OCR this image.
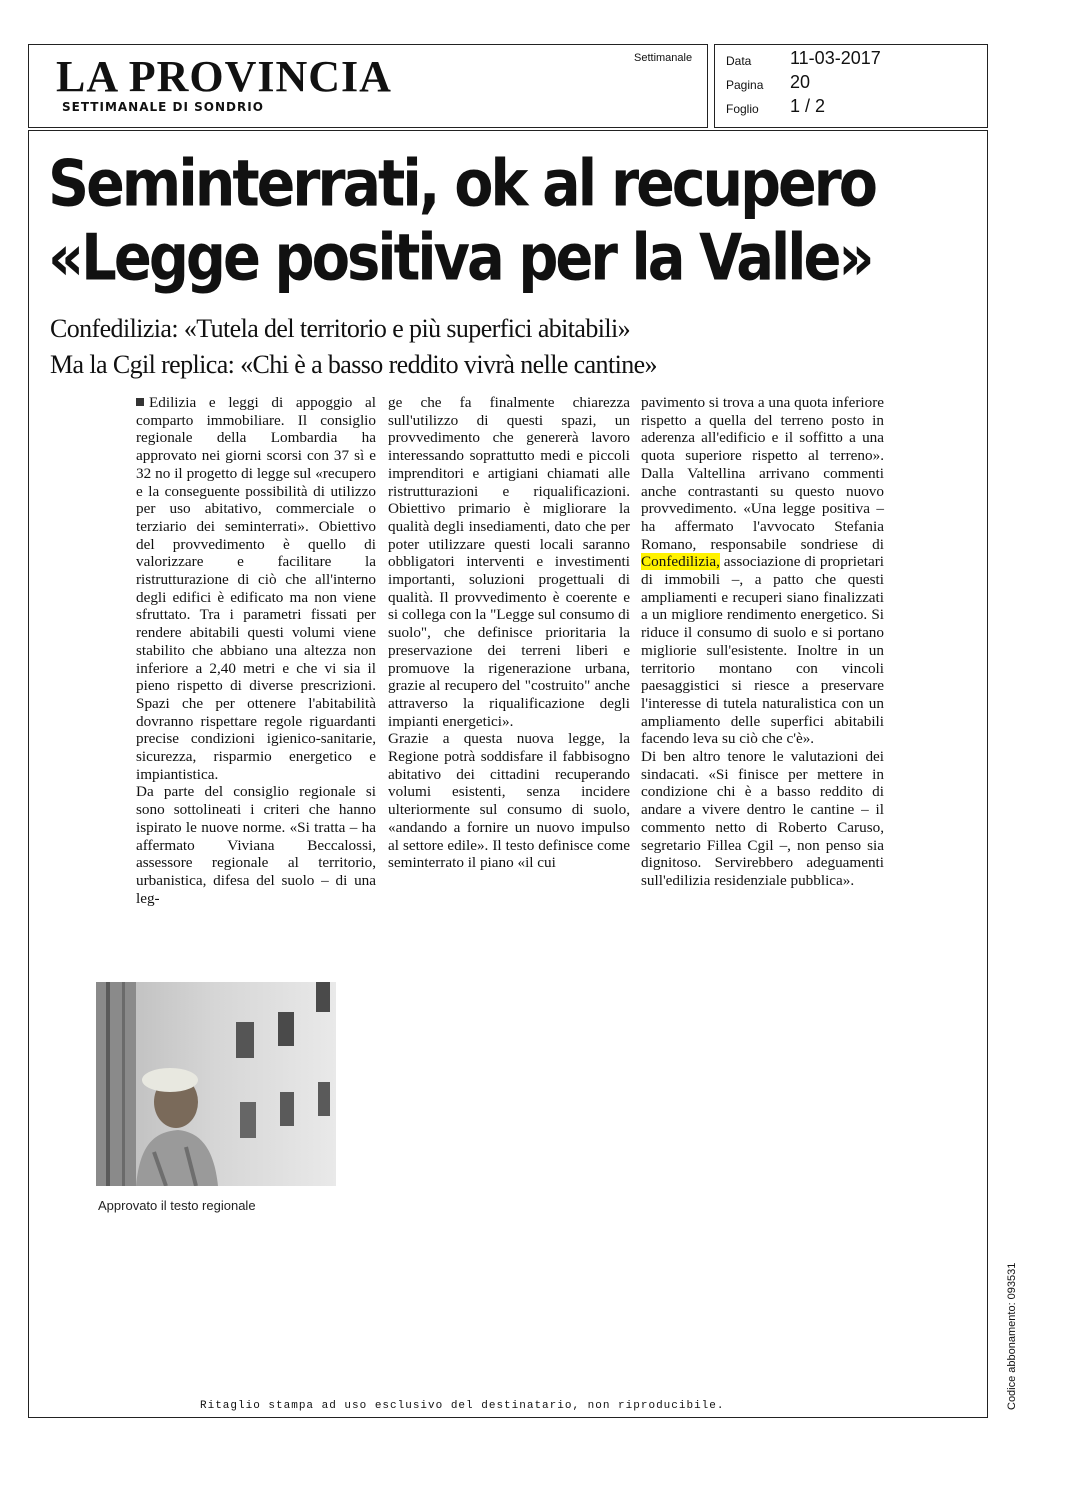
LA PROVINCIA
SETTIMANALE DI SONDRIO
Settimanale	Data 11-03-2017
Pagina 20
Foglio 1 / 2
Seminterrati, ok al recupero
«Legge positiva per la Valle»
Confedilizia: «Tutela del territorio e più superfici abitabili»
Ma la Cgil replica: «Chi è a basso reddito vivrà nelle cantine»

Edilizia e leggi di appoggio al comparto immobiliare. Il consiglio regionale della Lombardia ha approvato nei giorni scorsi con 37 sì e 32 no il progetto di legge sul «recupero e la conseguente possibilità di utilizzo per uso abitativo, commerciale o terziario dei seminterrati». Obiettivo del provvedimento è quello di valorizzare e facilitare la ristrutturazione di ciò che all'interno degli edifici è edificato ma non viene sfruttato. Tra i parametri fissati per rendere abitabili questi volumi viene stabilito che abbiano una altezza non inferiore a 2,40 metri e che vi sia il pieno rispetto di diverse prescrizioni. Spazi che per ottenere l'abitabilità dovranno rispettare regole riguardanti precise condizioni igienico-sanitarie, sicurezza, risparmio energetico e impiantistica.

Da parte del consiglio regionale si sono sottolineati i criteri che hanno ispirato le nuove norme. «Si tratta – ha affermato Viviana Beccalossi, assessore regionale al territorio, urbanistica, difesa del suolo – di una leg-

ge che fa finalmente chiarezza sull'utilizzo di questi spazi, un provvedimento che genererà lavoro interessando soprattutto medi e piccoli imprenditori e artigiani chiamati alle ristrutturazioni e riqualificazioni. Obiettivo primario è migliorare la qualità degli insediamenti, dato che per poter utilizzare questi locali saranno obbligatori interventi e investimenti importanti, soluzioni progettuali di qualità. Il provvedimento è coerente e si collega con la "Legge sul consumo di suolo", che definisce prioritaria la preservazione dei terreni liberi e promuove la rigenerazione urbana, grazie al recupero del "costruito" anche attraverso la riqualificazione degli impianti energetici».

Grazie a questa nuova legge, la Regione potrà soddisfare il fabbisogno abitativo dei cittadini recuperando volumi esistenti, senza incidere ulteriormente sul consumo di suolo, «andando a fornire un nuovo impulso al settore edile». Il testo definisce come seminterrato il piano «il cui

pavimento si trova a una quota inferiore rispetto a quella del terreno posto in aderenza all'edificio e il soffitto a una quota superiore rispetto al terreno». Dalla Valtellina arrivano commenti anche contrastanti su questo nuovo provvedimento. «Una legge positiva – ha affermato l'avvocato Stefania Romano, responsabile sondriese di Confedilizia, associazione di proprietari di immobili –, a patto che questi ampliamenti e recuperi siano finalizzati a un migliore rendimento energetico. Si riduce il consumo di suolo e si portano migliorie sull'esistente. Inoltre in un territorio montano con vincoli paesaggistici si riesce a preservare l'interesse di tutela naturalistica con un ampliamento delle superfici abitabili facendo leva su ciò che c'è».

Di ben altro tenore le valutazioni dei sindacati. «Si finisce per mettere in condizione chi è a basso reddito di andare a vivere dentro le cantine – il commento netto di Roberto Caruso, segretario Fillea Cgil –, non penso sia dignitoso. Servirebbero adeguamenti sull'edilizia residenziale pubblica».

Approvato il testo regionale
Ritaglio stampa ad uso esclusivo del destinatario, non riproducibile.	Codice abbonamento: 093531
